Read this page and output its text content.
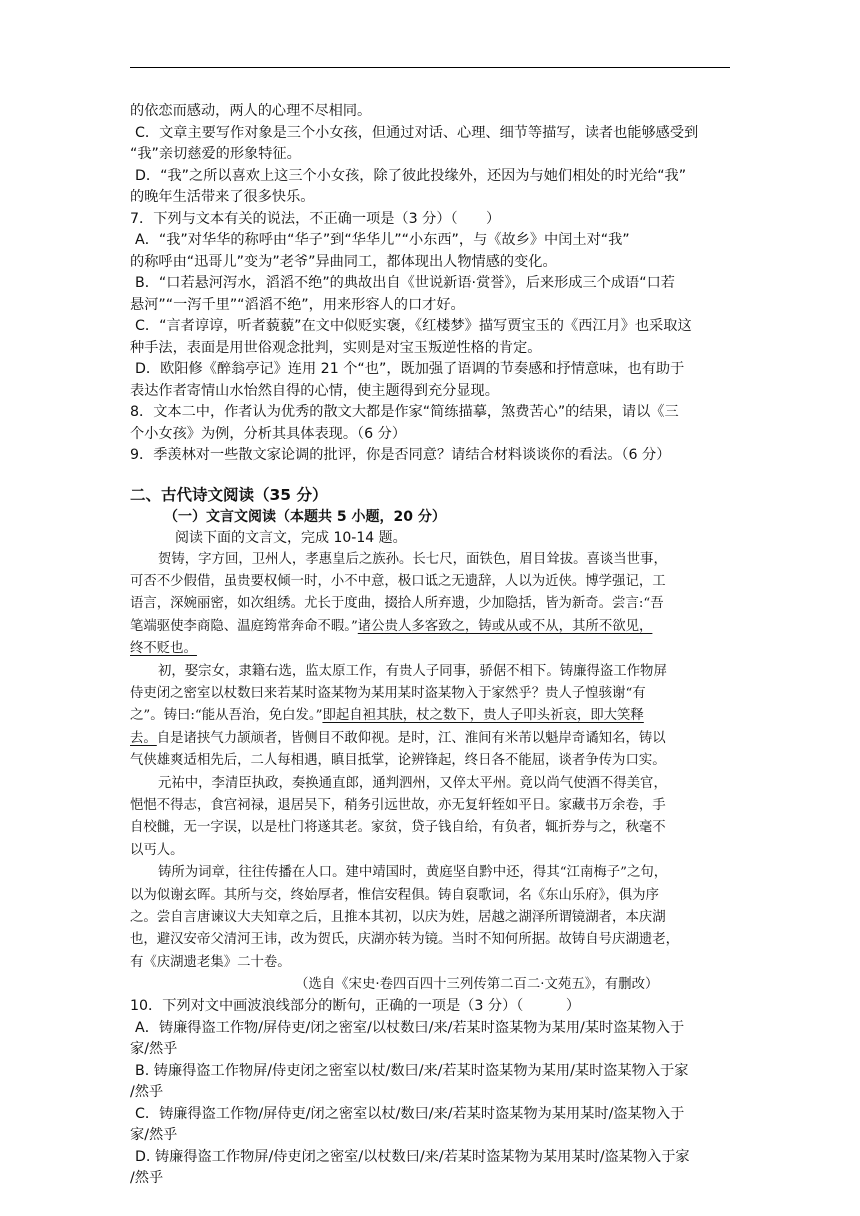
的依恋而感动，两人的心理不尽相同。
C．文章主要写作对象是三个小女孩，但通过对话、心理、细节等描写，读者也能够感受到
“我”亲切慈爱的形象特征。
D．“我”之所以喜欢上这三个小女孩，除了彼此投缘外，还因为与她们相处的时光给“我”
的晚年生活带来了很多快乐。
7．下列与文本有关的说法，不正确一项是（3 分）（　　）
A．“我”对华华的称呼由“华子”到“华华儿”“小东西”，与《故乡》中闰土对“我”
的称呼由“迅哥儿”变为”老爷”异曲同工，都体现出人物情感的变化。
B．“口若悬河泻水，滔滔不绝”的典故出自《世说新语·赏誉》，后来形成三个成语“口若
悬河”“一泻千里”“滔滔不绝”，用来形容人的口才好。
C．“言者谆谆，听者藐藐”在文中似贬实褒，《红楼梦》描写贾宝玉的《西江月》也采取这
种手法，表面是用世俗观念批判，实则是对宝玉叛逆性格的肯定。
D．欧阳修《醉翁亭记》连用 21 个“也”，既加强了语调的节奏感和抒情意味，也有助于
表达作者寄情山水怡然自得的心情，使主题得到充分显现。
8．文本二中，作者认为优秀的散文大都是作家“简练描摹，煞费苦心”的结果，请以《三
个小女孩》为例，分析其具体表现。（6 分）
9．季羡林对一些散文家论调的批评，你是否同意？请结合材料谈谈你的看法。（6 分）
二、古代诗文阅读（35 分）
（一）文言文阅读（本题共 5 小题，20 分）
阅读下面的文言文，完成 10-14 题。
贺铸，字方回，卫州人，孝惠皇后之族孙。长七尺，面铁色，眉目耸拔。喜谈当世事，
可否不少假借，虽贵要权倾一时，小不中意，极口诋之无遗辞，人以为近侠。博学强记，工
语言，深婉丽密，如次组绣。尤长于度曲，掇拾人所弃遗，少加隐括，皆为新奇。尝言:“吾
笔端驱使李商隐、温庭筠常奔命不暇。”诸公贵人多客致之，铸或从或不从，其所不欲见，
终不贬也。
初，娶宗女，隶籍右选，监太原工作，有贵人子同事，骄倨不相下。铸廉得盗工作物屏
侍吏闭之密室以杖数曰来若某时盗某物为某用某时盗某物入于家然乎？贵人子惶骇谢“有
之”。铸曰:“能从吾治，免白发。”即起自袒其肤，杖之数下，贵人子叩头祈哀，即大笑释
去。自是诸挟气力颉颃者，皆侧目不敢仰视。是时，江、淮间有米芾以魁岸奇谲知名，铸以
气侠雄爽适相先后，二人每相遇，瞋目抵掌，论辨锋起，终日各不能屈，谈者争传为口实。
元祐中，李清臣执政，奏换通直郎，通判泗州，又倅太平州。竟以尚气使酒不得美官，
悒悒不得志，食宫祠禄，退居吴下，稍务引远世故，亦无复轩轾如平日。家藏书万余卷，手
自校雠，无一字误，以是杜门将遂其老。家贫，贷子钱自给，有负者，辄折券与之，秋毫不
以丐人。
铸所为词章，往往传播在人口。建中靖国时，黄庭坚自黔中还，得其“江南梅子”之句，
以为似谢玄晖。其所与交，终始厚者，惟信安程俱。铸自裒歌词，名《东山乐府》，俱为序
之。尝自言唐谏议大夫知章之后，且推本其初，以庆为姓，居越之湖泽所谓镜湖者，本庆湖
也，避汉安帝父清河王讳，改为贺氏，庆湖亦转为镜。当时不知何所据。故铸自号庆湖遗老，
有《庆湖遗老集》二十卷。
（选自《宋史·卷四百四十三列传第二百二·文苑五》，有删改）
10．下列对文中画波浪线部分的断句，正确的一项是（3 分）（　　　）
A．铸廉得盗工作物/屏侍吏/闭之密室/以杖数曰/来/若某时盗某物为某用/某时盗某物入于
家/然乎
B. 铸廉得盗工作物屏/侍吏闭之密室以杖/数曰/来/若某时盗某物为某用/某时盗某物入于家
/然乎
C．铸廉得盗工作物/屏侍吏/闭之密室以杖/数曰/来/若某时盗某物为某用某时/盗某物入于
家/然乎
D. 铸廉得盗工作物屏/侍吏闭之密室/以杖数曰/来/若某时盗某物为某用某时/盗某物入于家
/然乎
